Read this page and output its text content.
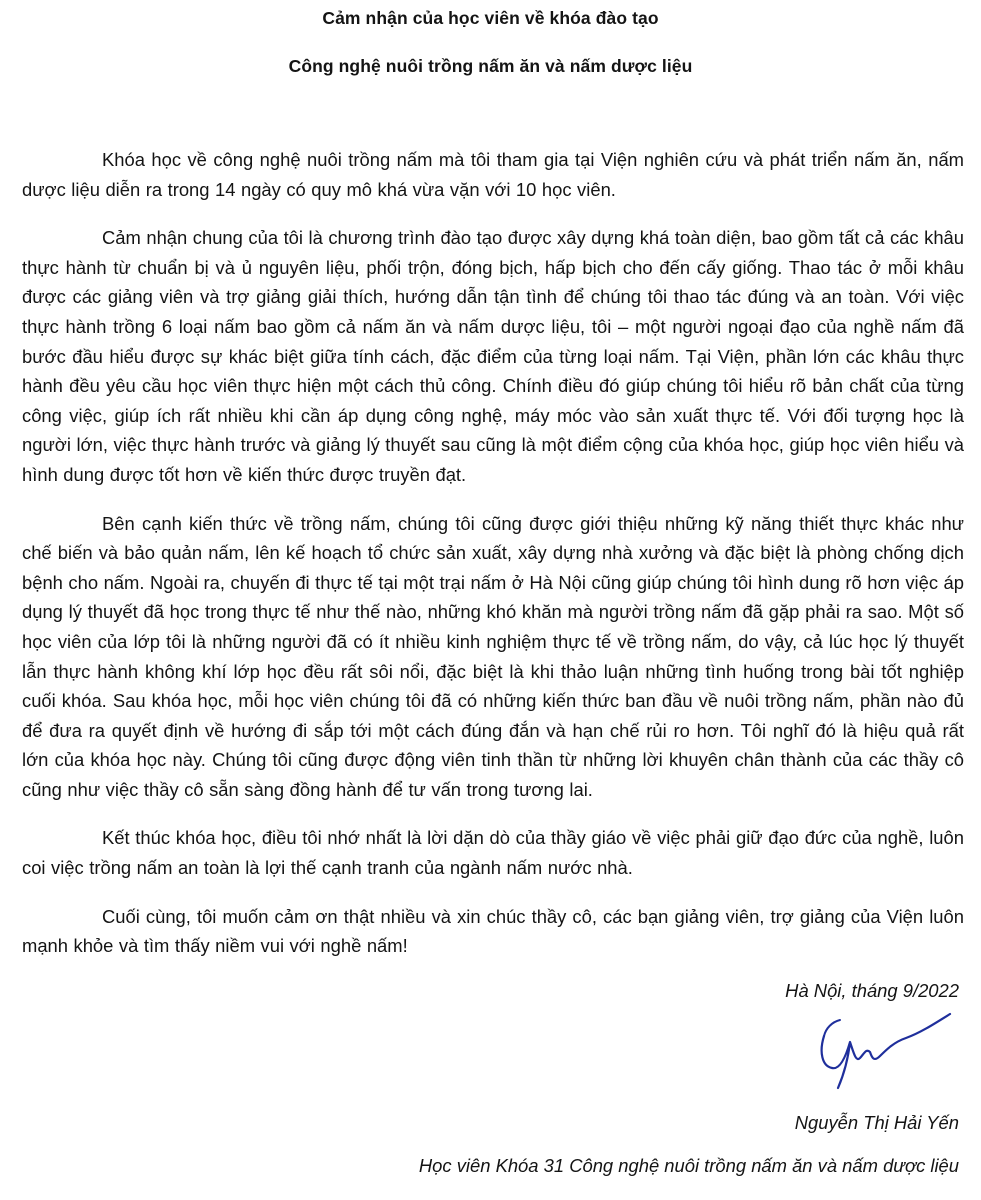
Cảm nhận của học viên về khóa đào tạo
Công nghệ nuôi trồng nấm ăn và nấm dược liệu

Khóa học về công nghệ nuôi trồng nấm mà tôi tham gia tại Viện nghiên cứu và phát triển nấm ăn, nấm dược liệu diễn ra trong 14 ngày có quy mô khá vừa vặn với 10 học viên.

Cảm nhận chung của tôi là chương trình đào tạo được xây dựng khá toàn diện, bao gồm tất cả các khâu thực hành từ chuẩn bị và ủ nguyên liệu, phối trộn, đóng bịch, hấp bịch cho đến cấy giống. Thao tác ở mỗi khâu được các giảng viên và trợ giảng giải thích, hướng dẫn tận tình để chúng tôi thao tác đúng và an toàn. Với việc thực hành trồng 6 loại nấm bao gồm cả nấm ăn và nấm dược liệu, tôi – một người ngoại đạo của nghề nấm đã bước đầu hiểu được sự khác biệt giữa tính cách, đặc điểm của từng loại nấm. Tại Viện, phần lớn các khâu thực hành đều yêu cầu học viên thực hiện một cách thủ công. Chính điều đó giúp chúng tôi hiểu rõ bản chất của từng công việc, giúp ích rất nhiều khi cần áp dụng công nghệ, máy móc vào sản xuất thực tế. Với đối tượng học là người lớn, việc thực hành trước và giảng lý thuyết sau cũng là một điểm cộng của khóa học, giúp học viên hiểu và hình dung được tốt hơn về kiến thức được truyền đạt.

Bên cạnh kiến thức về trồng nấm, chúng tôi cũng được giới thiệu những kỹ năng thiết thực khác như chế biến và bảo quản nấm, lên kế hoạch tổ chức sản xuất, xây dựng nhà xưởng và đặc biệt là phòng chống dịch bệnh cho nấm. Ngoài ra, chuyến đi thực tế tại một trại nấm ở Hà Nội cũng giúp chúng tôi hình dung rõ hơn việc áp dụng lý thuyết đã học trong thực tế như thế nào, những khó khăn mà người trồng nấm đã gặp phải ra sao. Một số học viên của lớp tôi là những người đã có ít nhiều kinh nghiệm thực tế về trồng nấm, do vậy, cả lúc học lý thuyết lẫn thực hành không khí lớp học đều rất sôi nổi, đặc biệt là khi thảo luận những tình huống trong bài tốt nghiệp cuối khóa. Sau khóa học, mỗi học viên chúng tôi đã có những kiến thức ban đầu về nuôi trồng nấm, phần nào đủ để đưa ra quyết định về hướng đi sắp tới một cách đúng đắn và hạn chế rủi ro hơn. Tôi nghĩ đó là hiệu quả rất lớn của khóa học này. Chúng tôi cũng được động viên tinh thần từ những lời khuyên chân thành của các thầy cô cũng như việc thầy cô sẵn sàng đồng hành để tư vấn trong tương lai.

Kết thúc khóa học, điều tôi nhớ nhất là lời dặn dò của thầy giáo về việc phải giữ đạo đức của nghề, luôn coi việc trồng nấm an toàn là lợi thế cạnh tranh của ngành nấm nước nhà.

Cuối cùng, tôi muốn cảm ơn thật nhiều và xin chúc thầy cô, các bạn giảng viên, trợ giảng của Viện luôn mạnh khỏe và tìm thấy niềm vui với nghề nấm!

Hà Nội, tháng 9/2022
Nguyễn Thị Hải Yến
Học viên Khóa 31 Công nghệ nuôi trồng nấm ăn và nấm dược liệu
